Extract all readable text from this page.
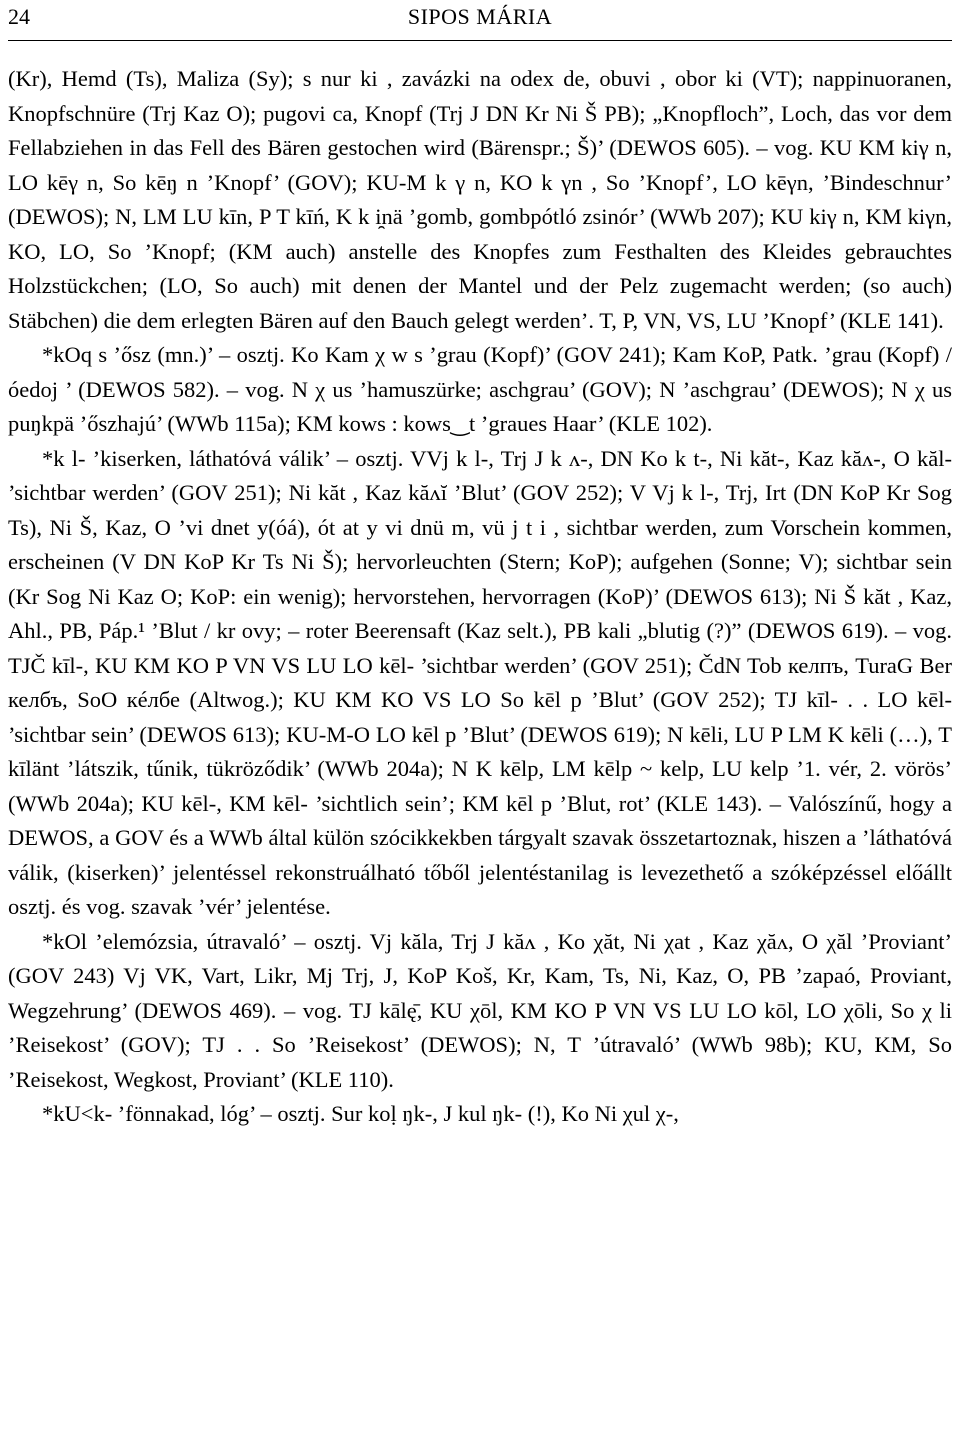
24	SIPOS MÁRIA

(Kr), Hemd (Ts), Maliza (Sy); s nur ki , zavázki na odex de, obuvi , obor ki (VT); nappinuoranen, Knopfschnüre (Trj Kaz O); pugovi ca, Knopf (Trj J DN Kr Ni Š PB); „Knopfloch”, Loch, das vor dem Fellabziehen in das Fell des Bären gestochen wird (Bärenspr.; Š)’ (DEWOS 605). – vog. KU KM kiγ n, LO kēγ n, So kēŋ n ’Knopf’ (GOV); KU-M k γ n, KO k γn , So ’Knopf’, LO kēγn, ’Bindeschnur’ (DEWOS); N, LM LU kīn, P T kīń, K k i̯nä ’gomb, gombpótló zsinór’ (WWb 207); KU kiγ n, KM kiγn, KO, LO, So ’Knopf; (KM auch) anstelle des Knopfes zum Festhalten des Kleides gebrauchtes Holzstückchen; (LO, So auch) mit denen der Mantel und der Pelz zugemacht werden; (so auch) Stäbchen) die dem erlegten Bären auf den Bauch gelegt werden’. T, P, VN, VS, LU ’Knopf’ (KLE 141).

*kOq s ’ősz (mn.)’ – osztj. Ko Kam χ w s ’grau (Kopf)’ (GOV 241); Kam KoP, Patk. ’grau (Kopf) / óedoj ’ (DEWOS 582). – vog. N χ us ’hamuszürke; aschgrau’ (GOV); N ’aschgrau’ (DEWOS); N χ us puŋkpä ’őszhajú’ (WWb 115a); KM kows : kows‿t ’graues Haar’ (KLE 102).

*k l- ’kiserken, láthatóvá válik’ – osztj. VVj k l-, Trj J k ʌ-, DN Ko k t-, Ni kăt-, Kaz kăʌ-, O kăl- ’sichtbar werden’ (GOV 251); Ni kăt , Kaz kăʌĭ ’Blut’ (GOV 252); V Vj k l-, Trj, Irt (DN KoP Kr Sog Ts), Ni Š, Kaz, O ’vi dnet y(óá), ót at y vi dnü m, vü j t i , sichtbar werden, zum Vorschein kommen, erscheinen (V DN KoP Kr Ts Ni Š); hervorleuchten (Stern; KoP); aufgehen (Sonne; V); sichtbar sein (Kr Sog Ni Kaz O; KoP: ein wenig); hervorstehen, hervorragen (KoP)’ (DEWOS 613); Ni Š kăt , Kaz, Ahl., PB, Páp.¹ ’Blut / kr ovy; – roter Beerensaft (Kaz selt.), PB kali „blutig (?)” (DEWOS 619). – vog. TJČ kīl-, KU KM KO P VN VS LU LO kēl- ’sichtbar werden’ (GOV 251); ČdN Tob келпъ, TuraG Ber келбъ, SoO кéлбе (Altwog.); KU KM KO VS LO So kēl p ’Blut’ (GOV 252); TJ kīl- . . LO kēl- ’sichtbar sein’ (DEWOS 613); KU-M-O LO kēl p ’Blut’ (DEWOS 619); N kēli, LU P LM K kēli (…), T kīlänt ’látszik, tűnik, tükröződik’ (WWb 204a); N K kēlp, LM kēlp ~ kelp, LU kelp ’1. vér, 2. vörös’ (WWb 204a); KU kēl-, KM kēl- ’sichtlich sein’; KM kēl p ’Blut, rot’ (KLE 143). – Valószínű, hogy a DEWOS, a GOV és a WWb által külön szócikkekben tárgyalt szavak összetartoznak, hiszen a ’láthatóvá válik, (kiserken)’ jelentéssel rekonstruálható tőből jelentéstanilag is levezethető a szóképzéssel előállt osztj. és vog. szavak ’vér’ jelentése.

*kOl ’elemózsia, útravaló’ – osztj. Vj kăla, Trj J kăʌ , Ko χăt, Ni χat , Kaz χăʌ, O χăl ’Proviant’ (GOV 243) Vj VK, Vart, Likr, Mj Trj, J, KoP Koš, Kr, Kam, Ts, Ni, Kaz, O, PB ’zapaó, Proviant, Wegzehrung’ (DEWOS 469). – vog. TJ kālę̄, KU χōl, KM KO P VN VS LU LO kōl, LO χōli, So χ li ’Reisekost’ (GOV); TJ . . So ’Reisekost’ (DEWOS); N, T ’útravaló’ (WWb 98b); KU, KM, So ’Reisekost, Wegkost, Proviant’ (KLE 110).

*kU<k- ’fönnakad, lóg’ – osztj. Sur koḷ ŋk-, J kul ŋk- (!), Ko Ni χul χ-,
